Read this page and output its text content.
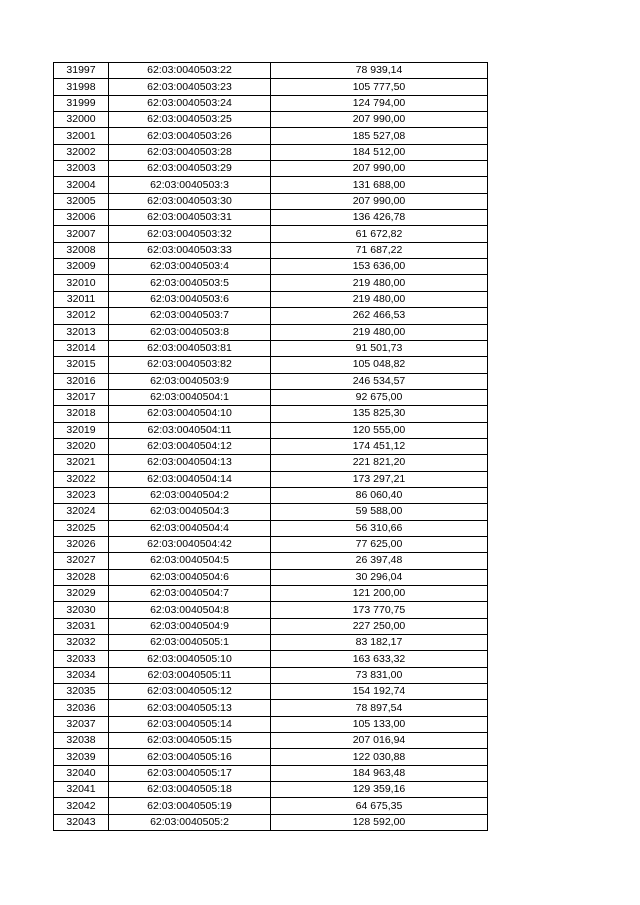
31997	62:03:0040503:22	78 939,14
31998	62:03:0040503:23	105 777,50
31999	62:03:0040503:24	124 794,00
32000	62:03:0040503:25	207 990,00
32001	62:03:0040503:26	185 527,08
32002	62:03:0040503:28	184 512,00
32003	62:03:0040503:29	207 990,00
32004	62:03:0040503:3	131 688,00
32005	62:03:0040503:30	207 990,00
32006	62:03:0040503:31	136 426,78
32007	62:03:0040503:32	61 672,82
32008	62:03:0040503:33	71 687,22
32009	62:03:0040503:4	153 636,00
32010	62:03:0040503:5	219 480,00
32011	62:03:0040503:6	219 480,00
32012	62:03:0040503:7	262 466,53
32013	62:03:0040503:8	219 480,00
32014	62:03:0040503:81	91 501,73
32015	62:03:0040503:82	105 048,82
32016	62:03:0040503:9	246 534,57
32017	62:03:0040504:1	92 675,00
32018	62:03:0040504:10	135 825,30
32019	62:03:0040504:11	120 555,00
32020	62:03:0040504:12	174 451,12
32021	62:03:0040504:13	221 821,20
32022	62:03:0040504:14	173 297,21
32023	62:03:0040504:2	86 060,40
32024	62:03:0040504:3	59 588,00
32025	62:03:0040504:4	56 310,66
32026	62:03:0040504:42	77 625,00
32027	62:03:0040504:5	26 397,48
32028	62:03:0040504:6	30 296,04
32029	62:03:0040504:7	121 200,00
32030	62:03:0040504:8	173 770,75
32031	62:03:0040504:9	227 250,00
32032	62:03:0040505:1	83 182,17
32033	62:03:0040505:10	163 633,32
32034	62:03:0040505:11	73 831,00
32035	62:03:0040505:12	154 192,74
32036	62:03:0040505:13	78 897,54
32037	62:03:0040505:14	105 133,00
32038	62:03:0040505:15	207 016,94
32039	62:03:0040505:16	122 030,88
32040	62:03:0040505:17	184 963,48
32041	62:03:0040505:18	129 359,16
32042	62:03:0040505:19	64 675,35
32043	62:03:0040505:2	128 592,00
